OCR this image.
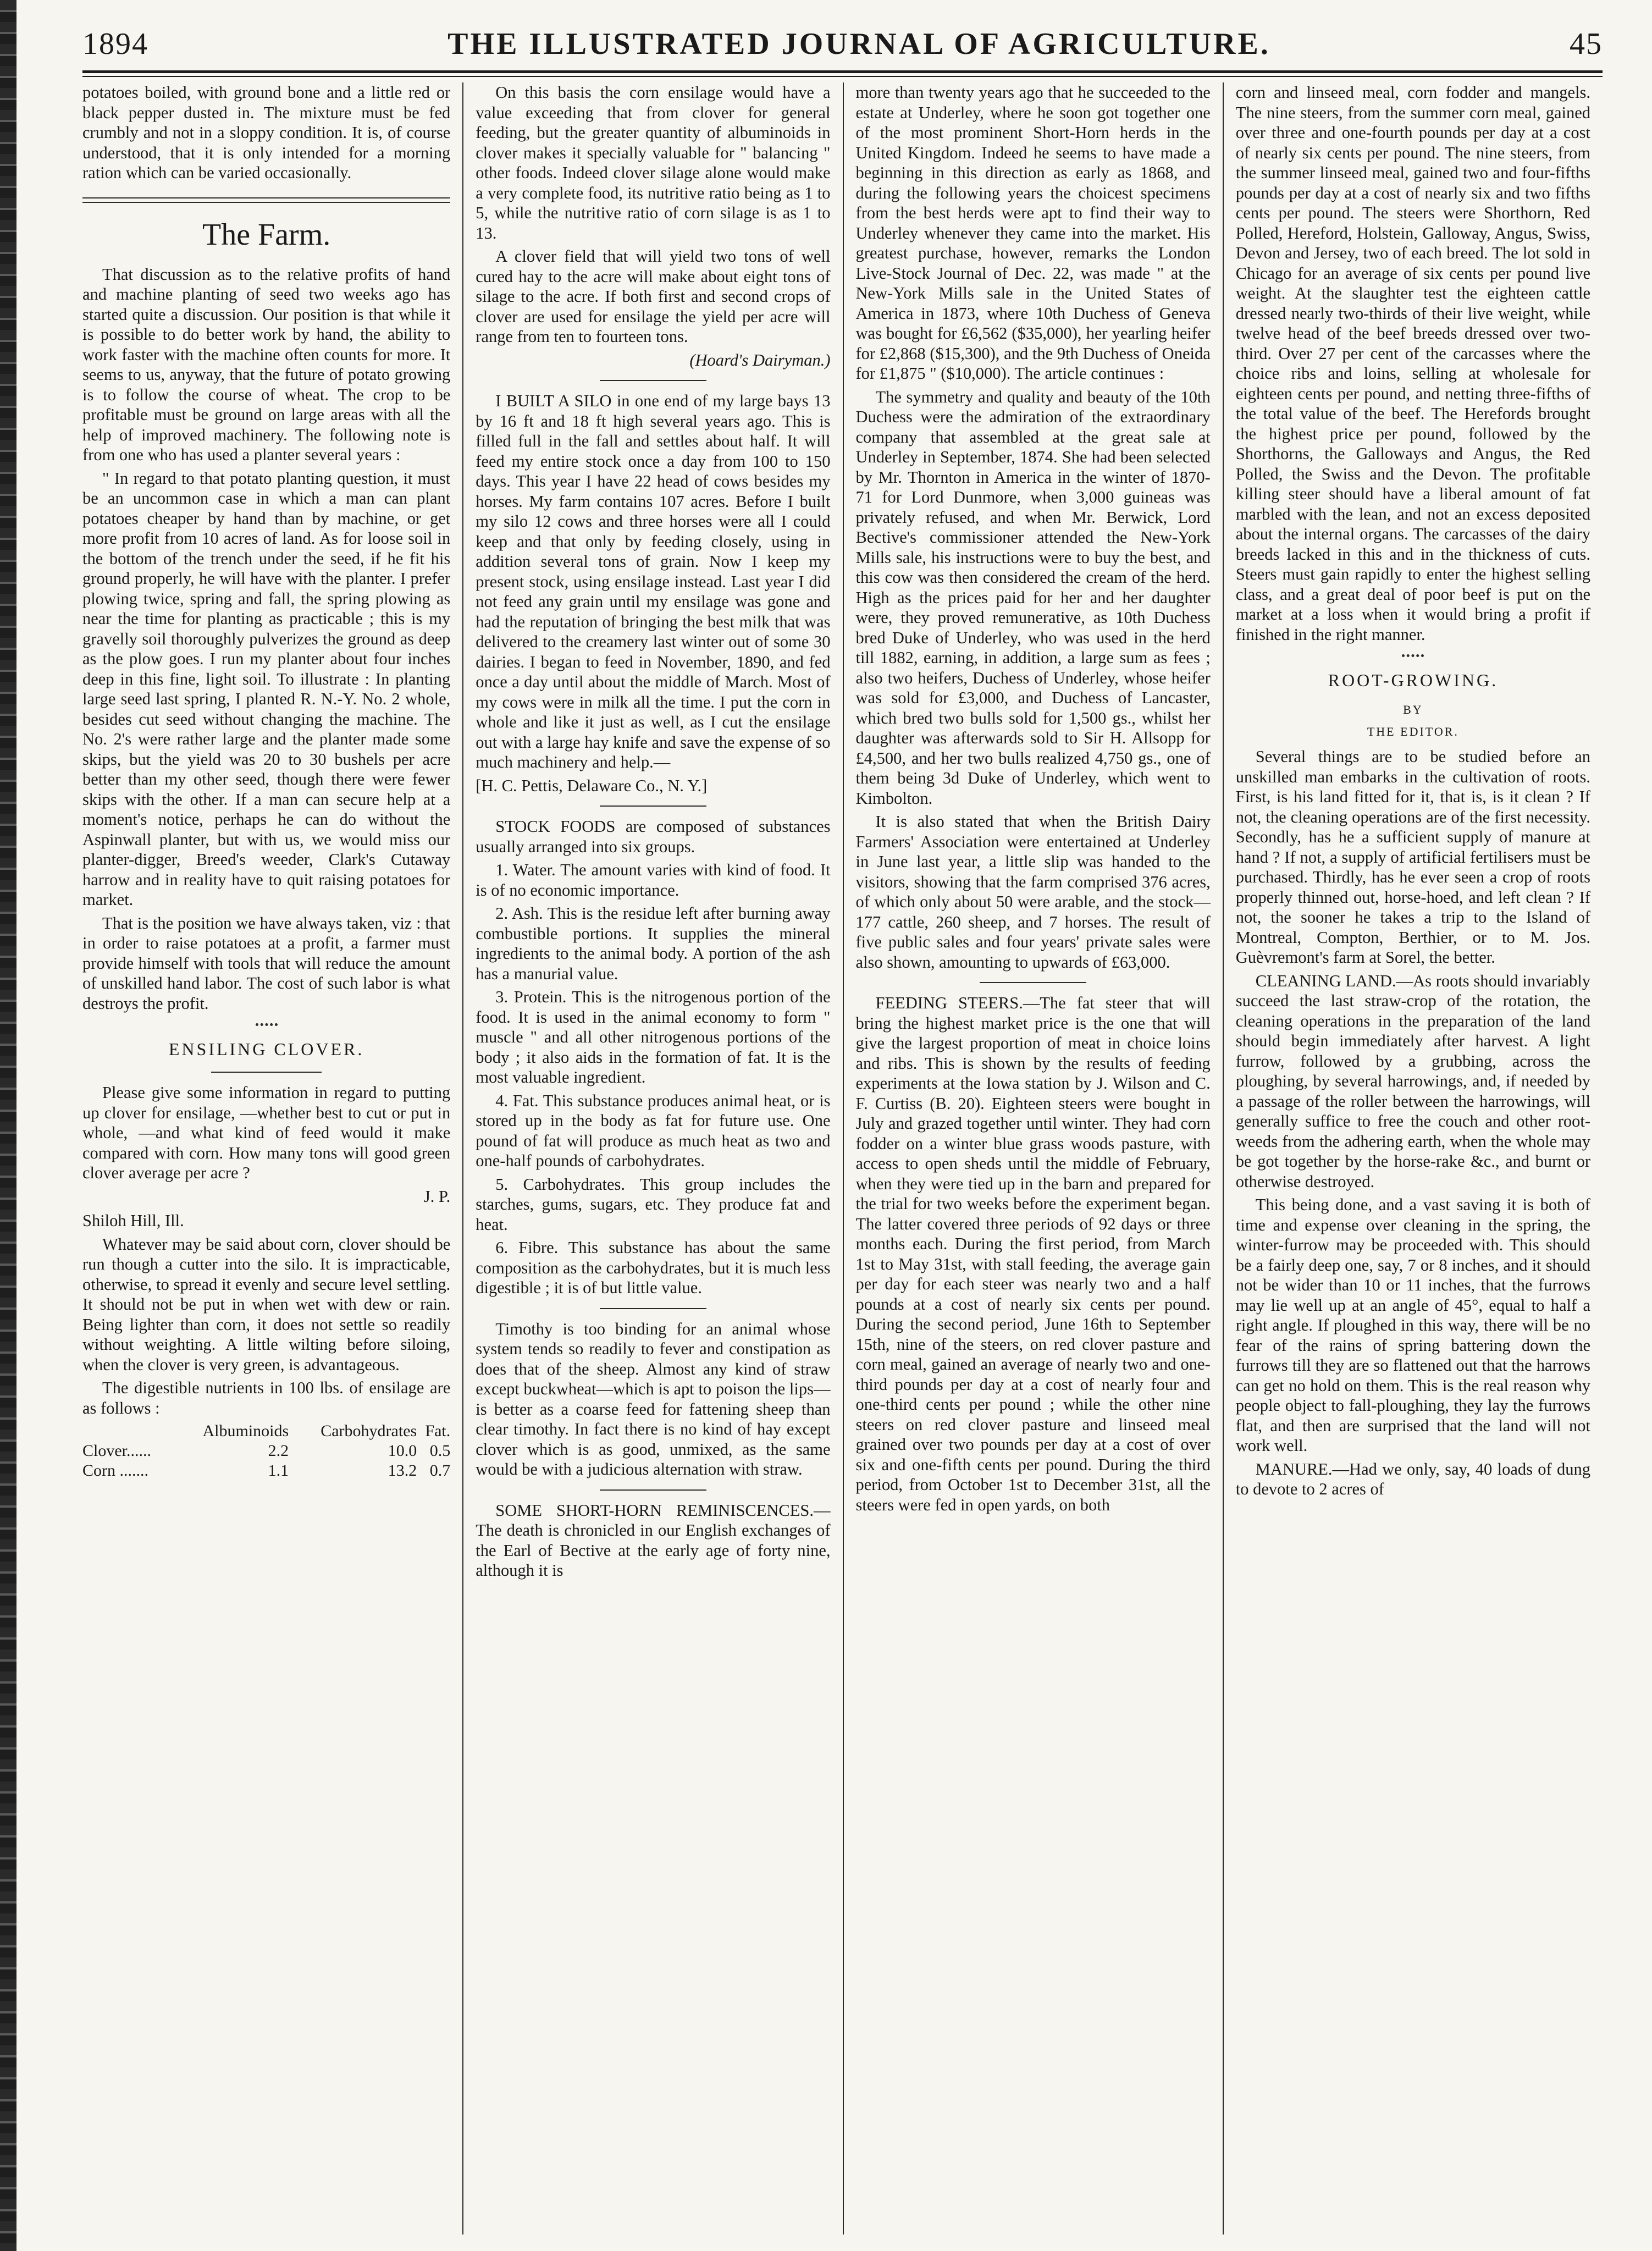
1894	THE ILLUSTRATED JOURNAL OF AGRICULTURE.	45

potatoes boiled, with ground bone and a little red or black pepper dusted in. The mixture must be fed crumbly and not in a sloppy condition. It is, of course understood, that it is only intended for a morning ration which can be varied occasionally.

The Farm.

That discussion as to the relative profits of hand and machine planting of seed two weeks ago has started quite a discussion. Our position is that while it is possible to do better work by hand, the ability to work faster with the machine often counts for more. It seems to us, anyway, that the future of potato growing is to follow the course of wheat. The crop to be profitable must be ground on large areas with all the help of improved machinery. The following note is from one who has used a planter several years :

" In regard to that potato planting question, it must be an uncommon case in which a man can plant potatoes cheaper by hand than by machine, or get more profit from 10 acres of land. As for loose soil in the bottom of the trench under the seed, if he fit his ground properly, he will have with the planter. I prefer plowing twice, spring and fall, the spring plowing as near the time for planting as practicable ; this is my gravelly soil thoroughly pulverizes the ground as deep as the plow goes. I run my planter about four inches deep in this fine, light soil. To illustrate : In planting large seed last spring, I planted R. N.-Y. No. 2 whole, besides cut seed without changing the machine. The No. 2's were rather large and the planter made some skips, but the yield was 20 to 30 bushels per acre better than my other seed, though there were fewer skips with the other. If a man can secure help at a moment's notice, perhaps he can do without the Aspinwall planter, but with us, we would miss our planter-digger, Breed's weeder, Clark's Cutaway harrow and in reality have to quit raising potatoes for market.

That is the position we have always taken, viz : that in order to raise potatoes at a profit, a farmer must provide himself with tools that will reduce the amount of unskilled hand labor. The cost of such labor is what destroys the profit.

ENSILING CLOVER.

Please give some information in regard to putting up clover for ensilage, —whether best to cut or put in whole, —and what kind of feed would it make compared with corn. How many tons will good green clover average per acre ?

J. P.

Shiloh Hill, Ill.

Whatever may be said about corn, clover should be run though a cutter into the silo. It is impracticable, otherwise, to spread it evenly and secure level settling. It should not be put in when wet with dew or rain. Being lighter than corn, it does not settle so readily without weighting. A little wilting before siloing, when the clover is very green, is advantageous.

The digestible nutrients in 100 lbs. of ensilage are as follows :

	Albuminoids	Carbohydrates	Fat.
Clover......	2.2	10.0	0.5
Corn .......	1.1	13.2	0.7

On this basis the corn ensilage would have a value exceeding that from clover for general feeding, but the greater quantity of albuminoids in clover makes it specially valuable for " balancing " other foods. Indeed clover silage alone would make a very complete food, its nutritive ratio being as 1 to 5, while the nutritive ratio of corn silage is as 1 to 13.

A clover field that will yield two tons of well cured hay to the acre will make about eight tons of silage to the acre. If both first and second crops of clover are used for ensilage the yield per acre will range from ten to fourteen tons.

(Hoard's Dairyman.)

I BUILT A SILO in one end of my large bays 13 by 16 ft and 18 ft high several years ago. This is filled full in the fall and settles about half. It will feed my entire stock once a day from 100 to 150 days. This year I have 22 head of cows besides my horses. My farm contains 107 acres. Before I built my silo 12 cows and three horses were all I could keep and that only by feeding closely, using in addition several tons of grain. Now I keep my present stock, using ensilage instead. Last year I did not feed any grain until my ensilage was gone and had the reputation of bringing the best milk that was delivered to the creamery last winter out of some 30 dairies. I began to feed in November, 1890, and fed once a day until about the middle of March. Most of my cows were in milk all the time. I put the corn in whole and like it just as well, as I cut the ensilage out with a large hay knife and save the expense of so much machinery and help.—

[H. C. Pettis, Delaware Co., N. Y.]

STOCK FOODS are composed of substances usually arranged into six groups.

1. Water. The amount varies with kind of food. It is of no economic importance.

2. Ash. This is the residue left after burning away combustible portions. It supplies the mineral ingredients to the animal body. A portion of the ash has a manurial value.

3. Protein. This is the nitrogenous portion of the food. It is used in the animal economy to form " muscle " and all other nitrogenous portions of the body ; it also aids in the formation of fat. It is the most valuable ingredient.

4. Fat. This substance produces animal heat, or is stored up in the body as fat for future use. One pound of fat will produce as much heat as two and one-half pounds of carbohydrates.

5. Carbohydrates. This group includes the starches, gums, sugars, etc. They produce fat and heat.

6. Fibre. This substance has about the same composition as the carbohydrates, but it is much less digestible ; it is of but little value.

Timothy is too binding for an animal whose system tends so readily to fever and constipation as does that of the sheep. Almost any kind of straw except buckwheat—which is apt to poison the lips—is better as a coarse feed for fattening sheep than clear timothy. In fact there is no kind of hay except clover which is as good, unmixed, as the same would be with a judicious alternation with straw.

SOME SHORT-HORN REMINISCENCES.— The death is chronicled in our English exchanges of the Earl of Bective at the early age of forty nine, although it is

more than twenty years ago that he succeeded to the estate at Underley, where he soon got together one of the most prominent Short-Horn herds in the United Kingdom. Indeed he seems to have made a beginning in this direction as early as 1868, and during the following years the choicest specimens from the best herds were apt to find their way to Underley whenever they came into the market. His greatest purchase, however, remarks the London Live-Stock Journal of Dec. 22, was made " at the New-York Mills sale in the United States of America in 1873, where 10th Duchess of Geneva was bought for £6,562 ($35,000), her yearling heifer for £2,868 ($15,300), and the 9th Duchess of Oneida for £1,875 " ($10,000). The article continues :

The symmetry and quality and beauty of the 10th Duchess were the admiration of the extraordinary company that assembled at the great sale at Underley in September, 1874. She had been selected by Mr. Thornton in America in the winter of 1870-71 for Lord Dunmore, when 3,000 guineas was privately refused, and when Mr. Berwick, Lord Bective's commissioner attended the New-York Mills sale, his instructions were to buy the best, and this cow was then considered the cream of the herd. High as the prices paid for her and her daughter were, they proved remunerative, as 10th Duchess bred Duke of Underley, who was used in the herd till 1882, earning, in addition, a large sum as fees ; also two heifers, Duchess of Underley, whose heifer was sold for £3,000, and Duchess of Lancaster, which bred two bulls sold for 1,500 gs., whilst her daughter was afterwards sold to Sir H. Allsopp for £4,500, and her two bulls realized 4,750 gs., one of them being 3d Duke of Underley, which went to Kimbolton.

It is also stated that when the British Dairy Farmers' Association were entertained at Underley in June last year, a little slip was handed to the visitors, showing that the farm comprised 376 acres, of which only about 50 were arable, and the stock—177 cattle, 260 sheep, and 7 horses. The result of five public sales and four years' private sales were also shown, amounting to upwards of £63,000.

FEEDING STEERS.—The fat steer that will bring the highest market price is the one that will give the largest proportion of meat in choice loins and ribs. This is shown by the results of feeding experiments at the Iowa station by J. Wilson and C. F. Curtiss (B. 20). Eighteen steers were bought in July and grazed together until winter. They had corn fodder on a winter blue grass woods pasture, with access to open sheds until the middle of February, when they were tied up in the barn and prepared for the trial for two weeks before the experiment began. The latter covered three periods of 92 days or three months each. During the first period, from March 1st to May 31st, with stall feeding, the average gain per day for each steer was nearly two and a half pounds at a cost of nearly six cents per pound. During the second period, June 16th to September 15th, nine of the steers, on red clover pasture and corn meal, gained an average of nearly two and one-third pounds per day at a cost of nearly four and one-third cents per pound ; while the other nine steers on red clover pasture and linseed meal grained over two pounds per day at a cost of over six and one-fifth cents per pound. During the third period, from October 1st to December 31st, all the steers were fed in open yards, on both

corn and linseed meal, corn fodder and mangels. The nine steers, from the summer corn meal, gained over three and one-fourth pounds per day at a cost of nearly six cents per pound. The nine steers, from the summer linseed meal, gained two and four-fifths pounds per day at a cost of nearly six and two fifths cents per pound. The steers were Shorthorn, Red Polled, Hereford, Holstein, Galloway, Angus, Swiss, Devon and Jersey, two of each breed. The lot sold in Chicago for an average of six cents per pound live weight. At the slaughter test the eighteen cattle dressed nearly two-thirds of their live weight, while twelve head of the beef breeds dressed over two-third. Over 27 per cent of the carcasses where the choice ribs and loins, selling at wholesale for eighteen cents per pound, and netting three-fifths of the total value of the beef. The Herefords brought the highest price per pound, followed by the Shorthorns, the Galloways and Angus, the Red Polled, the Swiss and the Devon. The profitable killing steer should have a liberal amount of fat marbled with the lean, and not an excess deposited about the internal organs. The carcasses of the dairy breeds lacked in this and in the thickness of cuts. Steers must gain rapidly to enter the highest selling class, and a great deal of poor beef is put on the market at a loss when it would bring a profit if finished in the right manner.

ROOT-GROWING.
BY
THE EDITOR.

Several things are to be studied before an unskilled man embarks in the cultivation of roots. First, is his land fitted for it, that is, is it clean ? If not, the cleaning operations are of the first necessity. Secondly, has he a sufficient supply of manure at hand ? If not, a supply of artificial fertilisers must be purchased. Thirdly, has he ever seen a crop of roots properly thinned out, horse-hoed, and left clean ? If not, the sooner he takes a trip to the Island of Montreal, Compton, Berthier, or to M. Jos. Guèvremont's farm at Sorel, the better.

CLEANING LAND.—As roots should invariably succeed the last straw-crop of the rotation, the cleaning operations in the preparation of the land should begin immediately after harvest. A light furrow, followed by a grubbing, across the ploughing, by several harrowings, and, if needed by a passage of the roller between the harrowings, will generally suffice to free the couch and other root-weeds from the adhering earth, when the whole may be got together by the horse-rake &c., and burnt or otherwise destroyed.

This being done, and a vast saving it is both of time and expense over cleaning in the spring, the winter-furrow may be proceeded with. This should be a fairly deep one, say, 7 or 8 inches, and it should not be wider than 10 or 11 inches, that the furrows may lie well up at an angle of 45°, equal to half a right angle. If ploughed in this way, there will be no fear of the rains of spring battering down the furrows till they are so flattened out that the harrows can get no hold on them. This is the real reason why people object to fall-ploughing, they lay the furrows flat, and then are surprised that the land will not work well.

MANURE.—Had we only, say, 40 loads of dung to devote to 2 acres of
